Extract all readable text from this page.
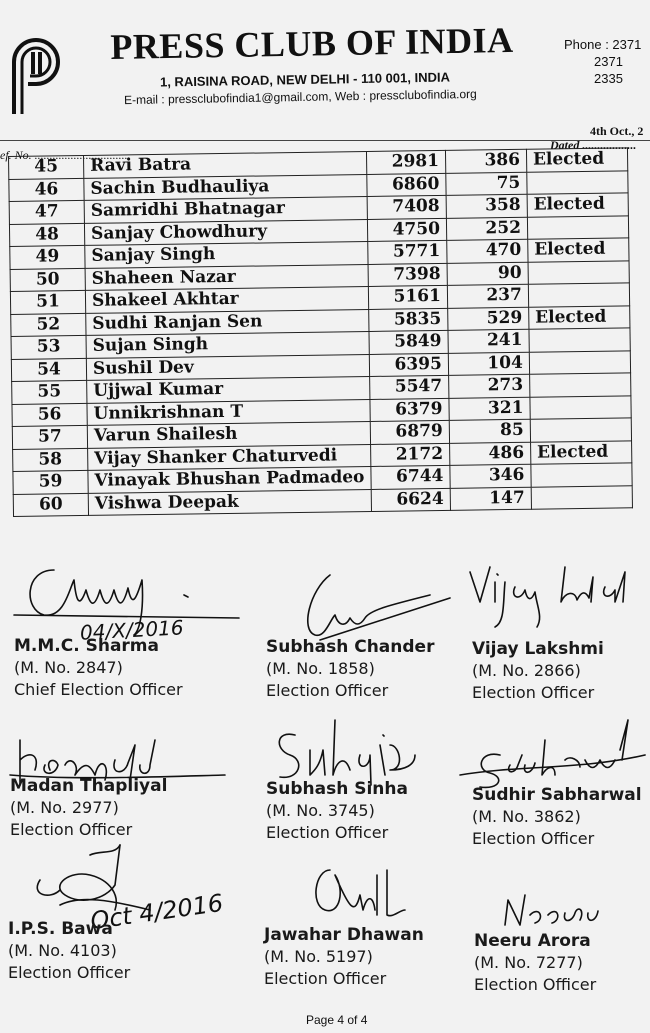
PRESS CLUB OF INDIA
1, RAISINA ROAD, NEW DELHI - 110 001, INDIA
E-mail : pressclubofindia1@gmail.com, Web : pressclubofindia.org
Phone : 2371
2371
2335
4th Oct., 2
Dated ..................
ef. No. ...............................
45	Ravi Batra	2981	386	Elected
46	Sachin Budhauliya	6860	75	
47	Samridhi Bhatnagar	7408	358	Elected
48	Sanjay Chowdhury	4750	252	
49	Sanjay Singh	5771	470	Elected
50	Shaheen Nazar	7398	90	
51	Shakeel Akhtar	5161	237	
52	Sudhi Ranjan Sen	5835	529	Elected
53	Sujan Singh	5849	241	
54	Sushil Dev	6395	104	
55	Ujjwal Kumar	5547	273	
56	Unnikrishnan T	6379	321	
57	Varun Shailesh	6879	85	
58	Vijay Shanker Chaturvedi	2172	486	Elected
59	Vinayak Bhushan Padmadeo	6744	346	
60	Vishwa Deepak	6624	147	
04/X/2016
Oct 4/2016
M.M.C. Sharma
(M. No. 2847)
Chief Election Officer
Subhash Chander
(M. No. 1858)
Election Officer
Vijay Lakshmi
(M. No. 2866)
Election Officer
Madan Thapliyal
(M. No. 2977)
Election Officer
Subhash Sinha
(M. No. 3745)
Election Officer
Sudhir Sabharwal
(M. No. 3862)
Election Officer
I.P.S. Bawa
(M. No. 4103)
Election Officer
Jawahar Dhawan
(M. No. 5197)
Election Officer
Neeru Arora
(M. No. 7277)
Election Officer
Page 4 of 4
